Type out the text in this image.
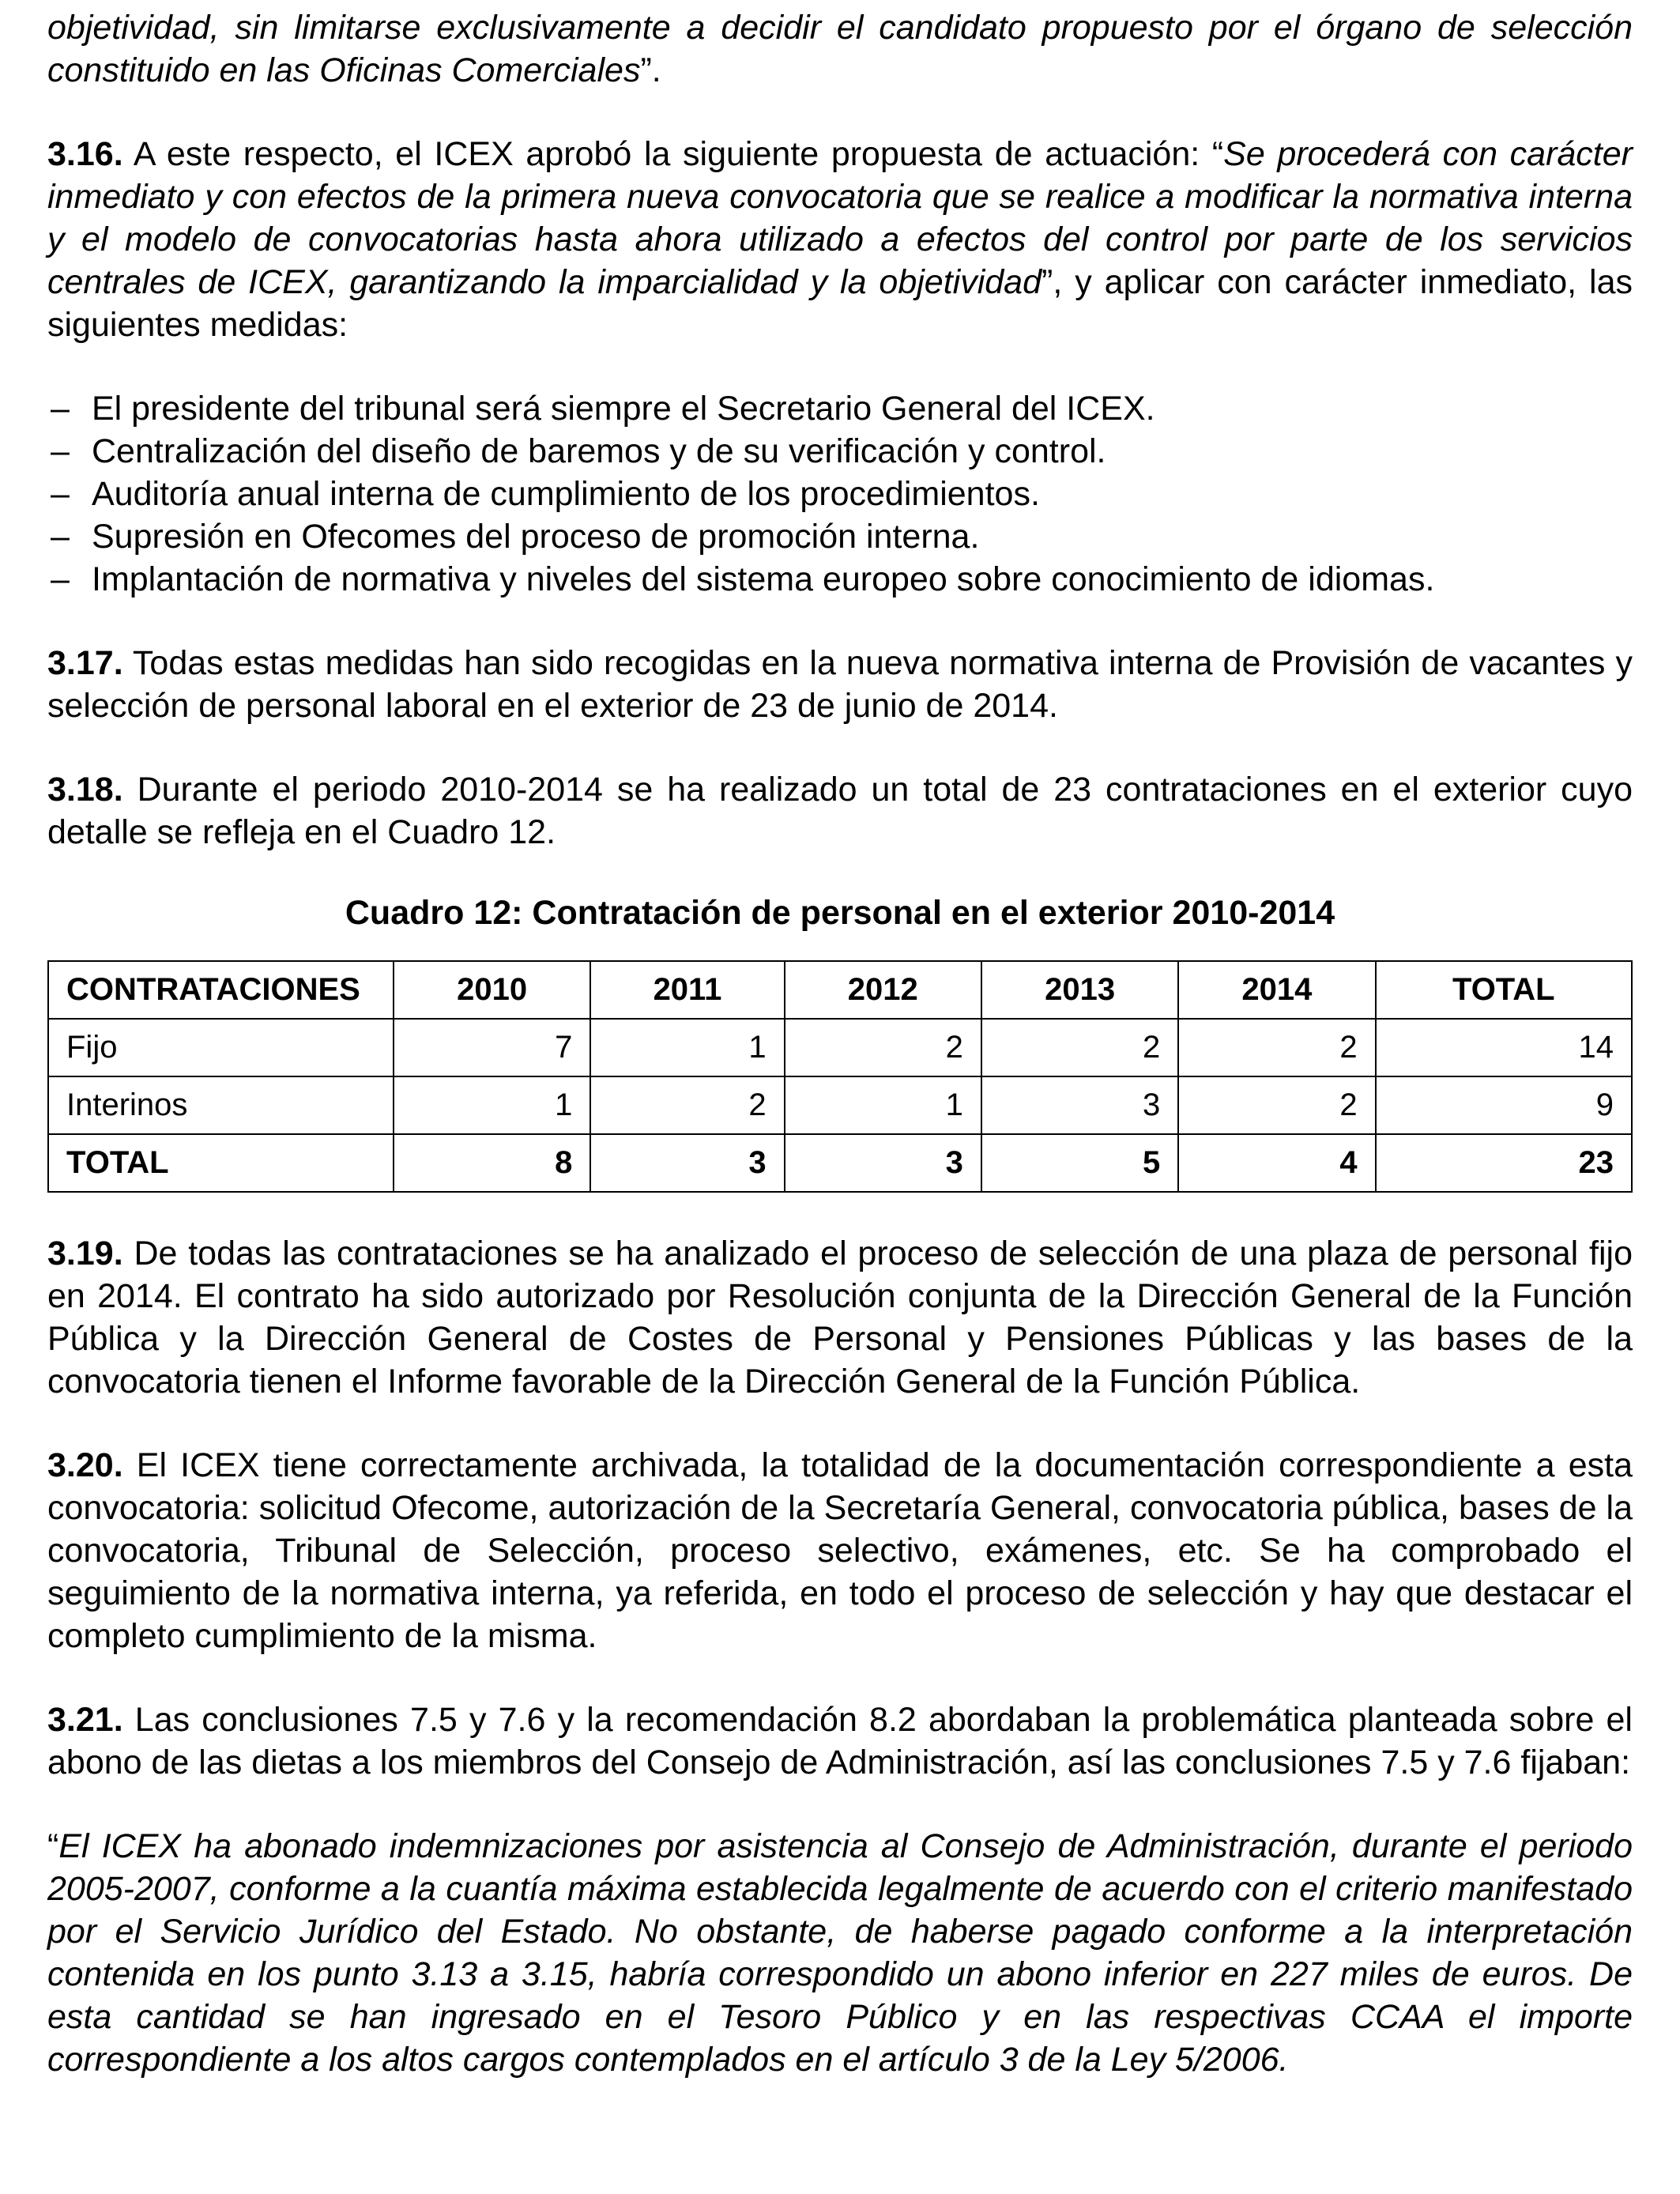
objetividad, sin limitarse exclusivamente a decidir el candidato propuesto por el órgano de selección constituido en las Oficinas Comerciales”.

3.16. A este respecto, el ICEX aprobó la siguiente propuesta de actuación: “Se procederá con carácter inmediato y con efectos de la primera nueva convocatoria que se realice a modificar la normativa interna y el modelo de convocatorias hasta ahora utilizado a efectos del control por parte de los servicios centrales de ICEX, garantizando la imparcialidad y la objetividad”, y aplicar con carácter inmediato, las siguientes medidas:

– El presidente del tribunal será siempre el Secretario General del ICEX.
– Centralización del diseño de baremos y de su verificación y control.
– Auditoría anual interna de cumplimiento de los procedimientos.
– Supresión en Ofecomes del proceso de promoción interna.
– Implantación de normativa y niveles del sistema europeo sobre conocimiento de idiomas.

3.17. Todas estas medidas han sido recogidas en la nueva normativa interna de Provisión de vacantes y selección de personal laboral en el exterior de 23 de junio de 2014.

3.18. Durante el periodo 2010-2014 se ha realizado un total de 23 contrataciones en el exterior cuyo detalle se refleja en el Cuadro 12.

Cuadro 12: Contratación de personal en el exterior 2010-2014

CONTRATACIONES	2010	2011	2012	2013	2014	TOTAL
Fijo	7	1	2	2	2	14
Interinos	1	2	1	3	2	9
TOTAL	8	3	3	5	4	23

3.19. De todas las contrataciones se ha analizado el proceso de selección de una plaza de personal fijo en 2014. El contrato ha sido autorizado por Resolución conjunta de la Dirección General de la Función Pública y la Dirección General de Costes de Personal y Pensiones Públicas y las bases de la convocatoria tienen el Informe favorable de la Dirección General de la Función Pública.

3.20. El ICEX tiene correctamente archivada, la totalidad de la documentación correspondiente a esta convocatoria: solicitud Ofecome, autorización de la Secretaría General, convocatoria pública, bases de la convocatoria, Tribunal de Selección, proceso selectivo, exámenes, etc. Se ha comprobado el seguimiento de la normativa interna, ya referida, en todo el proceso de selección y hay que destacar el completo cumplimiento de la misma.

3.21. Las conclusiones 7.5 y 7.6 y la recomendación 8.2 abordaban la problemática planteada sobre el abono de las dietas a los miembros del Consejo de Administración, así las conclusiones 7.5 y 7.6 fijaban:

“El ICEX ha abonado indemnizaciones por asistencia al Consejo de Administración, durante el periodo 2005-2007, conforme a la cuantía máxima establecida legalmente de acuerdo con el criterio manifestado por el Servicio Jurídico del Estado. No obstante, de haberse pagado conforme a la interpretación contenida en los punto 3.13 a 3.15, habría correspondido un abono inferior en 227 miles de euros. De esta cantidad se han ingresado en el Tesoro Público y en las respectivas CCAA el importe correspondiente a los altos cargos contemplados en el artículo 3 de la Ley 5/2006.
